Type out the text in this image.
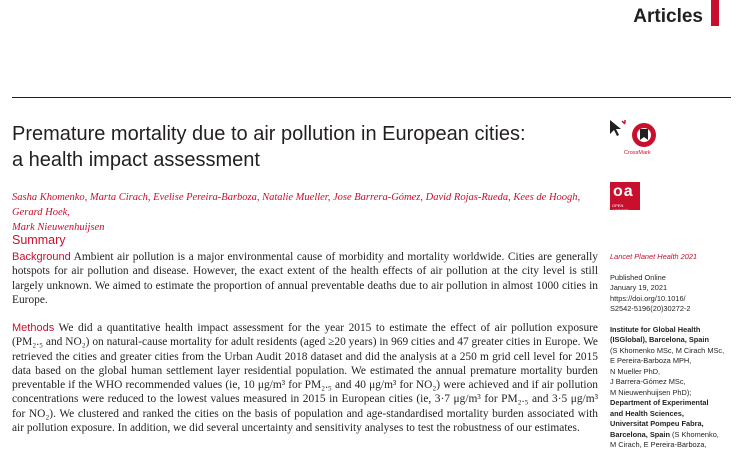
Articles
Premature mortality due to air pollution in European cities:
a health impact assessment	CrossMark
oa
OPEN ACCESS
Sasha Khomenko, Marta Cirach, Evelise Pereira-Barboza, Natalie Mueller, Jose Barrera-Gómez, David Rojas-Rueda, Kees de Hoogh, Gerard Hoek,
Mark Nieuwenhuijsen
Summary
Background Ambient air pollution is a major environmental cause of morbidity and mortality worldwide. Cities are generally hotspots for air pollution and disease. However, the exact extent of the health effects of air pollution at the city level is still largely unknown. We aimed to estimate the proportion of annual preventable deaths due to air pollution in almost 1000 cities in Europe.
Methods We did a quantitative health impact assessment for the year 2015 to estimate the effect of air pollution exposure (PM₂.₅ and NO₂) on natural-cause mortality for adult residents (aged ≥20 years) in 969 cities and 47 greater cities in Europe. We retrieved the cities and greater cities from the Urban Audit 2018 dataset and did the analysis at a 250 m grid cell level for 2015 data based on the global human settlement layer residential population. We estimated the annual premature mortality burden preventable if the WHO recommended values (ie, 10 μg/m³ for PM₂.₅ and 40 μg/m³ for NO₂) were achieved and if air pollution concentrations were reduced to the lowest values measured in 2015 in European cities (ie, 3·7 μg/m³ for PM₂.₅ and 3·5 μg/m³ for NO₂). We clustered and ranked the cities on the basis of population and age-standardised mortality burden associated with air pollution exposure. In addition, we did several uncertainty and sensitivity analyses to test the robustness of our estimates.
Lancet Planet Health 2021
Published Online
January 19, 2021
https://doi.org/10.1016/
S2542-5196(20)30272-2
Institute for Global Health
(ISGlobal), Barcelona, Spain
(S Khomenko MSc, M Cirach MSc,
E Pereira-Barboza MPH,
N Mueller PhD,
J Barrera-Gómez MSc,
M Nieuwenhuijsen PhD);
Department of Experimental
and Health Sciences,
Universitat Pompeu Fabra,
Barcelona, Spain (S Khomenko,
M Cirach, E Pereira-Barboza,
